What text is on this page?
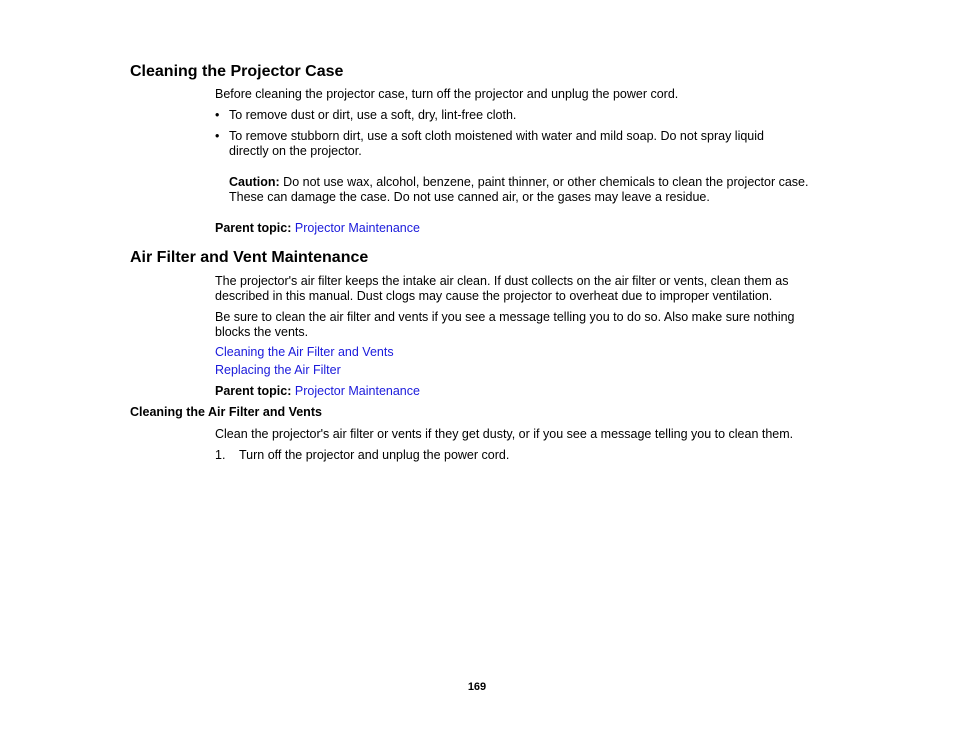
Cleaning the Projector Case
Before cleaning the projector case, turn off the projector and unplug the power cord.
• To remove dust or dirt, use a soft, dry, lint-free cloth.
• To remove stubborn dirt, use a soft cloth moistened with water and mild soap. Do not spray liquid directly on the projector.
Caution: Do not use wax, alcohol, benzene, paint thinner, or other chemicals to clean the projector case. These can damage the case. Do not use canned air, or the gases may leave a residue.
Parent topic: Projector Maintenance
Air Filter and Vent Maintenance
The projector's air filter keeps the intake air clean. If dust collects on the air filter or vents, clean them as described in this manual. Dust clogs may cause the projector to overheat due to improper ventilation.
Be sure to clean the air filter and vents if you see a message telling you to do so. Also make sure nothing blocks the vents.
Cleaning the Air Filter and Vents
Replacing the Air Filter
Parent topic: Projector Maintenance
Cleaning the Air Filter and Vents
Clean the projector's air filter or vents if they get dusty, or if you see a message telling you to clean them.
1. Turn off the projector and unplug the power cord.
169
